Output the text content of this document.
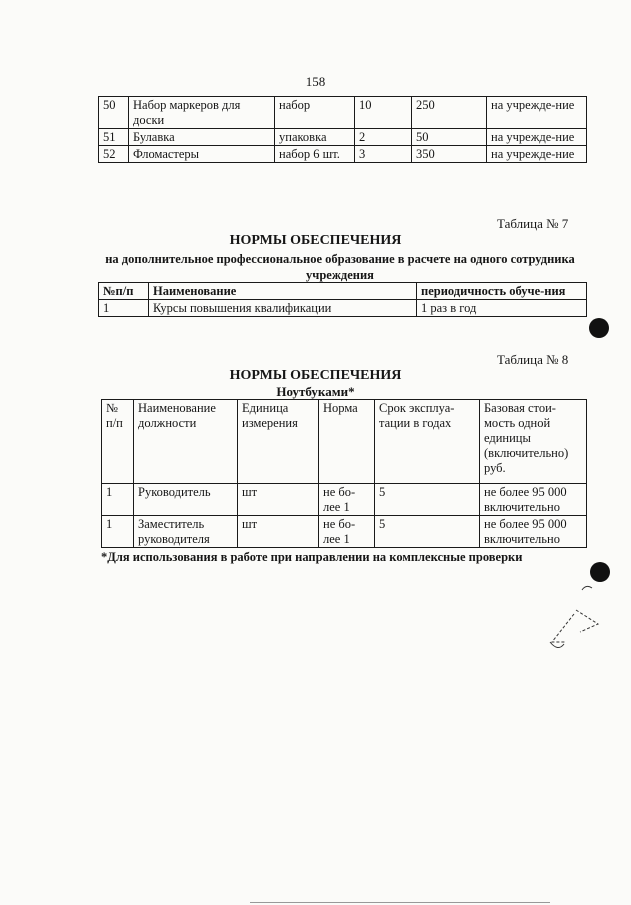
158
50	Набор маркеров для доски	набор	10	250	на учрежде-ние
51	Булавка	упаковка	2	50	на учрежде-ние
52	Фломастеры	набор 6 шт.	3	350	на учрежде-ние
Таблица № 7
НОРМЫ ОБЕСПЕЧЕНИЯ
на дополнительное профессиональное образование в расчете на одного сотрудника учреждения
№п/п	Наименование	периодичность обуче-ния
1	Курсы повышения квалификации	1 раз в год
Таблица № 8
НОРМЫ ОБЕСПЕЧЕНИЯ
Ноутбуками*
№ п/п	Наименование должности	Единица измерения	Норма	Срок эксплуа-тации в годах	Базовая стои-мость одной единицы (включительно) руб.
1	Руководитель	шт	не бо-лее 1	5	не более 95 000 включительно
1	Заместитель руководителя	шт	не бо-лее 1	5	не более 95 000 включительно
*Для использования в работе при направлении на комплексные проверки
